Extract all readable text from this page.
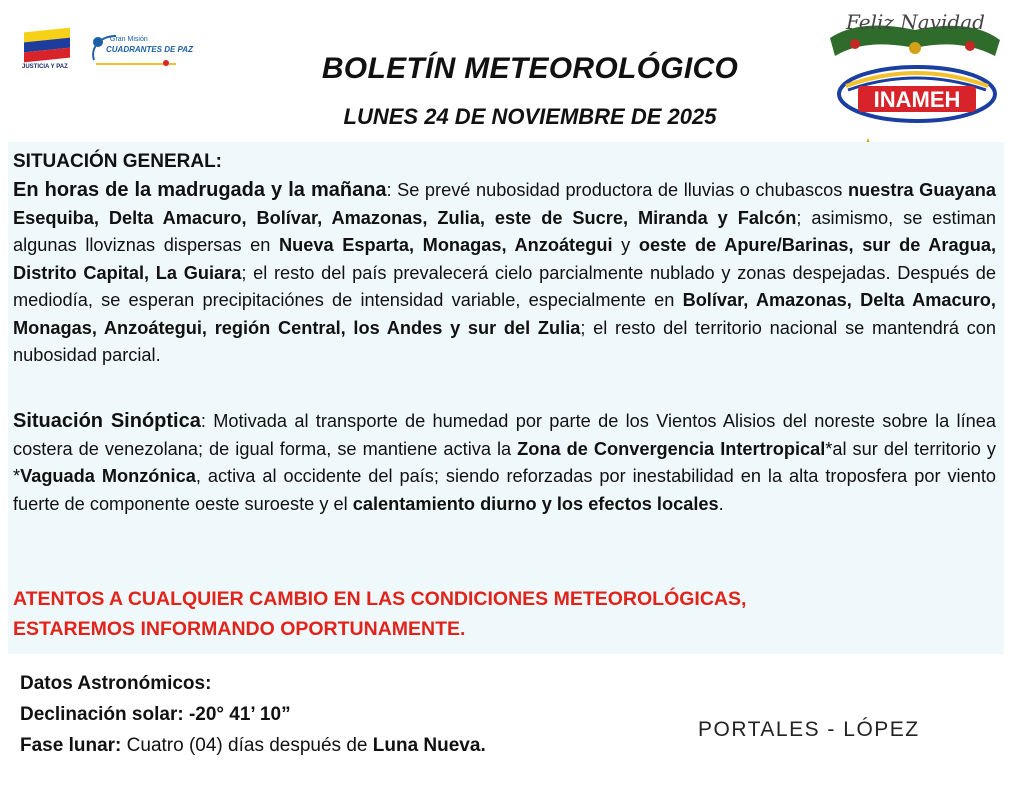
JUSTICIA Y PAZ
Gran Misión
CUADRANTES DE PAZ
BOLETÍN METEOROLÓGICO
LUNES 24 DE NOVIEMBRE DE 2025
Feliz Navidad
INAMEH
SITUACIÓN GENERAL:
En horas de la madrugada y la mañana: Se prevé nubosidad productora de lluvias o chubascos nuestra Guayana Esequiba, Delta Amacuro, Bolívar, Amazonas, Zulia, este de Sucre, Miranda y Falcón; asimismo, se estiman algunas lloviznas dispersas en Nueva Esparta, Monagas, Anzoátegui y oeste de Apure/Barinas, sur de Aragua, Distrito Capital, La Guiara; el resto del país prevalecerá cielo parcialmente nublado y zonas despejadas. Después de mediodía, se esperan precipitaciónes de intensidad variable, especialmente en Bolívar, Amazonas, Delta Amacuro, Monagas, Anzoátegui, región Central, los Andes y sur del Zulia; el resto del territorio nacional se mantendrá con nubosidad parcial.
Situación Sinóptica: Motivada al transporte de humedad por parte de los Vientos Alisios del noreste sobre la línea costera de venezolana; de igual forma, se mantiene activa la Zona de Convergencia Intertropical*al sur del territorio y *Vaguada Monzónica, activa al occidente del país; siendo reforzadas por inestabilidad en la alta troposfera por viento fuerte de componente oeste suroeste y el calentamiento diurno y los efectos locales.
ATENTOS A CUALQUIER CAMBIO EN LAS CONDICIONES METEOROLÓGICAS,
ESTAREMOS INFORMANDO OPORTUNAMENTE.
Datos Astronómicos:
Declinación solar: -20° 41’ 10”
Fase lunar: Cuatro (04) días después de Luna Nueva.
PORTALES - LÓPEZ
